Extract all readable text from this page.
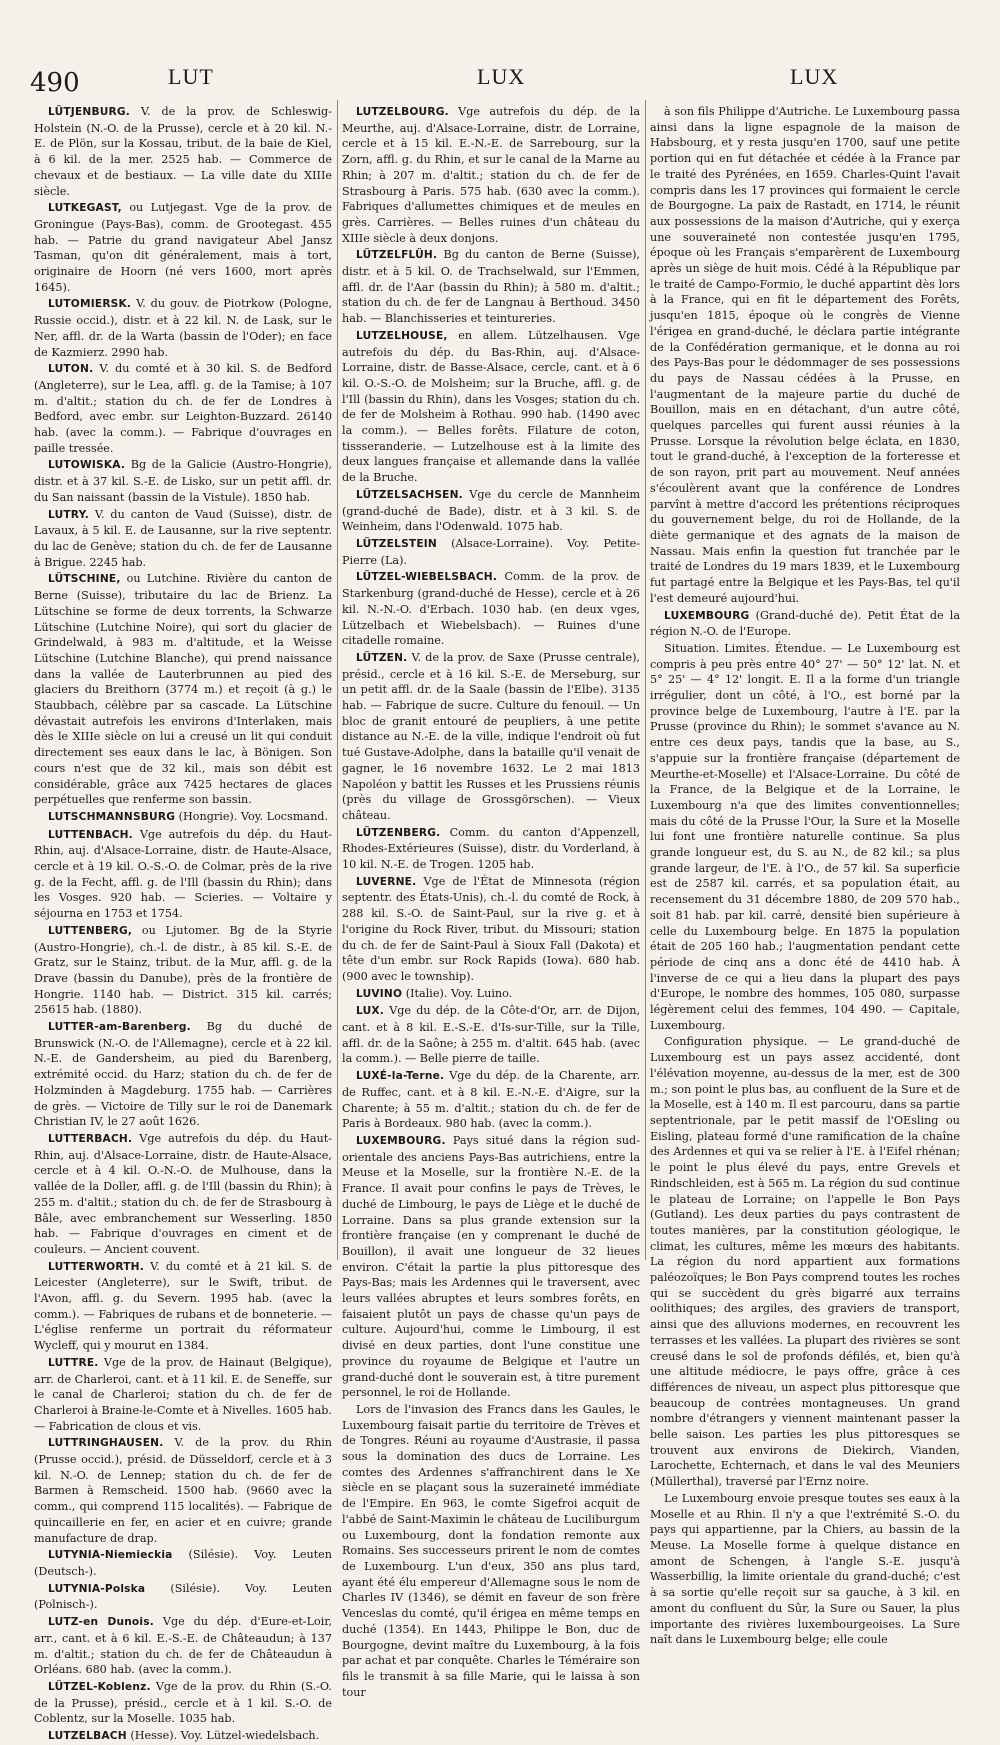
490	LUT	LUX	LUX

LÜTJENBURG. V. de la prov. de Schleswig-Holstein (N.-O. de la Prusse), cercle et à 20 kil. N.-E. de Plön, sur la Kossau, tribut. de la baie de Kiel, à 6 kil. de la mer. 2525 hab. — Commerce de chevaux et de bestiaux. — La ville date du XIIIe siècle.

LUTKEGAST, ou Lutjegast. Vge de la prov. de Groningue (Pays-Bas), comm. de Grootegast. 455 hab. — Patrie du grand navigateur Abel Jansz Tasman, qu'on dit généralement, mais à tort, originaire de Hoorn (né vers 1600, mort après 1645).

LUTOMIERSK. V. du gouv. de Piotrkow (Pologne, Russie occid.), distr. et à 22 kil. N. de Lask, sur le Ner, affl. dr. de la Warta (bassin de l'Oder); en face de Kazmierz. 2990 hab.

LUTON. V. du comté et à 30 kil. S. de Bedford (Angleterre), sur le Lea, affl. g. de la Tamise; à 107 m. d'altit.; station du ch. de fer de Londres à Bedford, avec embr. sur Leighton-Buzzard. 26140 hab. (avec la comm.). — Fabrique d'ouvrages en paille tressée.

LUTOWISKA. Bg de la Galicie (Austro-Hongrie), distr. et à 37 kil. S.-E. de Lisko, sur un petit affl. dr. du San naissant (bassin de la Vistule). 1850 hab.

LUTRY. V. du canton de Vaud (Suisse), distr. de Lavaux, à 5 kil. E. de Lausanne, sur la rive septentr. du lac de Genève; station du ch. de fer de Lausanne à Brigue. 2245 hab.

LÜTSCHINE, ou Lutchine. Rivière du canton de Berne (Suisse), tributaire du lac de Brienz. La Lütschine se forme de deux torrents, la Schwarze Lütschine (Lutchine Noire), qui sort du glacier de Grindelwald, à 983 m. d'altitude, et la Weisse Lütschine (Lutchine Blanche), qui prend naissance dans la vallée de Lauterbrunnen au pied des glaciers du Breithorn (3774 m.) et reçoit (à g.) le Staubbach, célèbre par sa cascade. La Lütschine dévastait autrefois les environs d'Interlaken, mais dès le XIIIe siècle on lui a creusé un lit qui conduit directement ses eaux dans le lac, à Bönigen. Son cours n'est que de 32 kil., mais son débit est considérable, grâce aux 7425 hectares de glaces perpétuelles que renferme son bassin.

LUTSCHMANNSBURG (Hongrie). Voy. Locsmand.

LUTTENBACH. Vge autrefois du dép. du Haut-Rhin, auj. d'Alsace-Lorraine, distr. de Haute-Alsace, cercle et à 19 kil. O.-S.-O. de Colmar, près de la rive g. de la Fecht, affl. g. de l'Ill (bassin du Rhin); dans les Vosges. 920 hab. — Scieries. — Voltaire y séjourna en 1753 et 1754.

LUTTENBERG, ou Ljutomer. Bg de la Styrie (Austro-Hongrie), ch.-l. de distr., à 85 kil. S.-E. de Gratz, sur le Stainz, tribut. de la Mur, affl. g. de la Drave (bassin du Danube), près de la frontière de Hongrie. 1140 hab. — District. 315 kil. carrés; 25615 hab. (1880).

LUTTER-am-Barenberg. Bg du duché de Brunswick (N.-O. de l'Allemagne), cercle et à 22 kil. N.-E. de Gandersheim, au pied du Barenberg, extrémité occid. du Harz; station du ch. de fer de Holzminden à Magdeburg. 1755 hab. — Carrières de grès. — Victoire de Tilly sur le roi de Danemark Christian IV, le 27 août 1626.

LUTTERBACH. Vge autrefois du dép. du Haut-Rhin, auj. d'Alsace-Lorraine, distr. de Haute-Alsace, cercle et à 4 kil. O.-N.-O. de Mulhouse, dans la vallée de la Doller, affl. g. de l'Ill (bassin du Rhin); à 255 m. d'altit.; station du ch. de fer de Strasbourg à Bâle, avec embranchement sur Wesserling. 1850 hab. — Fabrique d'ouvrages en ciment et de couleurs. — Ancient couvent.

LUTTERWORTH. V. du comté et à 21 kil. S. de Leicester (Angleterre), sur le Swift, tribut. de l'Avon, affl. g. du Severn. 1995 hab. (avec la comm.). — Fabriques de rubans et de bonneterie. — L'église renferme un portrait du réformateur Wycleff, qui y mourut en 1384.

LUTTRE. Vge de la prov. de Hainaut (Belgique), arr. de Charleroi, cant. et à 11 kil. E. de Seneffe, sur le canal de Charleroi; station du ch. de fer de Charleroi à Braine-le-Comte et à Nivelles. 1605 hab. — Fabrication de clous et vis.

LUTTRINGHAUSEN. V. de la prov. du Rhin (Prusse occid.), présid. de Düsseldorf, cercle et à 3 kil. N.-O. de Lennep; station du ch. de fer de Barmen à Remscheid. 1500 hab. (9660 avec la comm., qui comprend 115 localités). — Fabrique de quincaillerie en fer, en acier et en cuivre; grande manufacture de drap.

LUTYNIA-Niemieckia (Silésie). Voy. Leuten (Deutsch-).

LUTYNIA-Polska (Silésie). Voy. Leuten (Polnisch-).

LUTZ-en Dunois. Vge du dép. d'Eure-et-Loir, arr., cant. et à 6 kil. E.-S.-E. de Châteaudun; à 137 m. d'altit.; station du ch. de fer de Châteaudun à Orléans. 680 hab. (avec la comm.).

LÜTZEL-Koblenz. Vge de la prov. du Rhin (S.-O. de la Prusse), présid., cercle et à 1 kil. S.-O. de Coblentz, sur la Moselle. 1035 hab.

LUTZELBACH (Hesse). Voy. Lützel-wiedelsbach.

LUTZELBOURG. Vge autrefois du dép. de la Meurthe, auj. d'Alsace-Lorraine, distr. de Lorraine, cercle et à 15 kil. E.-N.-E. de Sarrebourg, sur la Zorn, affl. g. du Rhin, et sur le canal de la Marne au Rhin; à 207 m. d'altit.; station du ch. de fer de Strasbourg à Paris. 575 hab. (630 avec la comm.). Fabriques d'allumettes chimiques et de meules en grès. Carrières. — Belles ruines d'un château du XIIIe siècle à deux donjons.

LÜTZELFLÜH. Bg du canton de Berne (Suisse), distr. et à 5 kil. O. de Trachselwald, sur l'Emmen, affl. dr. de l'Aar (bassin du Rhin); à 580 m. d'altit.; station du ch. de fer de Langnau à Berthoud. 3450 hab. — Blanchisseries et teintureries.

LUTZELHOUSE, en allem. Lützelhausen. Vge autrefois du dép. du Bas-Rhin, auj. d'Alsace-Lorraine, distr. de Basse-Alsace, cercle, cant. et à 6 kil. O.-S.-O. de Molsheim; sur la Bruche, affl. g. de l'Ill (bassin du Rhin), dans les Vosges; station du ch. de fer de Molsheim à Rothau. 990 hab. (1490 avec la comm.). — Belles forêts. Filature de coton, tissseranderie. — Lutzelhouse est à la limite des deux langues française et allemande dans la vallée de la Bruche.

LÜTZELSACHSEN. Vge du cercle de Mannheim (grand-duché de Bade), distr. et à 3 kil. S. de Weinheim, dans l'Odenwald. 1075 hab.

LÜTZELSTEIN (Alsace-Lorraine). Voy. Petite-Pierre (La).

LÜTZEL-WIEBELSBACH. Comm. de la prov. de Starkenburg (grand-duché de Hesse), cercle et à 26 kil. N.-N.-O. d'Erbach. 1030 hab. (en deux vges, Lützelbach et Wiebelsbach). — Ruines d'une citadelle romaine.

LÜTZEN. V. de la prov. de Saxe (Prusse centrale), présid., cercle et à 16 kil. S.-E. de Merseburg, sur un petit affl. dr. de la Saale (bassin de l'Elbe). 3135 hab. — Fabrique de sucre. Culture du fenouil. — Un bloc de granit entouré de peupliers, à une petite distance au N.-E. de la ville, indique l'endroit où fut tué Gustave-Adolphe, dans la bataille qu'il venait de gagner, le 16 novembre 1632. Le 2 mai 1813 Napoléon y battit les Russes et les Prussiens réunis (près du village de Grossgörschen). — Vieux château.

LÜTZENBERG. Comm. du canton d'Appenzell, Rhodes-Extérieures (Suisse), distr. du Vorderland, à 10 kil. N.-E. de Trogen. 1205 hab.

LUVERNE. Vge de l'État de Minnesota (région septentr. des États-Unis), ch.-l. du comté de Rock, à 288 kil. S.-O. de Saint-Paul, sur la rive g. et à l'origine du Rock River, tribut. du Missouri; station du ch. de fer de Saint-Paul à Sioux Fall (Dakota) et tête d'un embr. sur Rock Rapids (Iowa). 680 hab. (900 avec le township).

LUVINO (Italie). Voy. Luino.

LUX. Vge du dép. de la Côte-d'Or, arr. de Dijon, cant. et à 8 kil. E.-S.-E. d'Is-sur-Tille, sur la Tille, affl. dr. de la Saône; à 255 m. d'altit. 645 hab. (avec la comm.). — Belle pierre de taille.

LUXÉ-la-Terne. Vge du dép. de la Charente, arr. de Ruffec, cant. et à 8 kil. E.-N.-E. d'Aigre, sur la Charente; à 55 m. d'altit.; station du ch. de fer de Paris à Bordeaux. 980 hab. (avec la comm.).

LUXEMBOURG. Pays situé dans la région sud-orientale des anciens Pays-Bas autrichiens, entre la Meuse et la Moselle, sur la frontière N.-E. de la France. Il avait pour confins le pays de Trèves, le duché de Limbourg, le pays de Liège et le duché de Lorraine. Dans sa plus grande extension sur la frontière française (en y comprenant le duché de Bouillon), il avait une longueur de 32 lieues environ. C'était la partie la plus pittoresque des Pays-Bas; mais les Ardennes qui le traversent, avec leurs vallées abruptes et leurs sombres forêts, en faisaient plutôt un pays de chasse qu'un pays de culture. Aujourd'hui, comme le Limbourg, il est divisé en deux parties, dont l'une constitue une province du royaume de Belgique et l'autre un grand-duché dont le souverain est, à titre purement personnel, le roi de Hollande.

Lors de l'invasion des Francs dans les Gaules, le Luxembourg faisait partie du territoire de Trèves et de Tongres. Réuni au royaume d'Austrasie, il passa sous la domination des ducs de Lorraine. Les comtes des Ardennes s'affranchirent dans le Xe siècle en se plaçant sous la suzeraineté immédiate de l'Empire. En 963, le comte Sigefroi acquit de l'abbé de Saint-Maximin le château de Luciliburgum ou Luxembourg, dont la fondation remonte aux Romains. Ses successeurs prirent le nom de comtes de Luxembourg. L'un d'eux, 350 ans plus tard, ayant été élu empereur d'Allemagne sous le nom de Charles IV (1346), se démit en faveur de son frère Venceslas du comté, qu'il érigea en même temps en duché (1354). En 1443, Philippe le Bon, duc de Bourgogne, devint maître du Luxembourg, à la fois par achat et par conquête. Charles le Téméraire son fils le transmit à sa fille Marie, qui le laissa à son tour

à son fils Philippe d'Autriche. Le Luxembourg passa ainsi dans la ligne espagnole de la maison de Habsbourg, et y resta jusqu'en 1700, sauf une petite portion qui en fut détachée et cédée à la France par le traité des Pyrénées, en 1659. Charles-Quint l'avait compris dans les 17 provinces qui formaient le cercle de Bourgogne. La paix de Rastadt, en 1714, le réunit aux possessions de la maison d'Autriche, qui y exerça une souveraineté non contestée jusqu'en 1795, époque où les Français s'emparèrent de Luxembourg après un siège de huit mois. Cédé à la République par le traité de Campo-Formio, le duché appartint dès lors à la France, qui en fit le département des Forêts, jusqu'en 1815, époque où le congrès de Vienne l'érigea en grand-duché, le déclara partie intégrante de la Confédération germanique, et le donna au roi des Pays-Bas pour le dédommager de ses possessions du pays de Nassau cédées à la Prusse, en l'augmentant de la majeure partie du duché de Bouillon, mais en en détachant, d'un autre côté, quelques parcelles qui furent aussi réunies à la Prusse. Lorsque la révolution belge éclata, en 1830, tout le grand-duché, à l'exception de la forteresse et de son rayon, prit part au mouvement. Neuf années s'écoulèrent avant que la conférence de Londres parvînt à mettre d'accord les prétentions réciproques du gouvernement belge, du roi de Hollande, de la diète germanique et des agnats de la maison de Nassau. Mais enfin la question fut tranchée par le traité de Londres du 19 mars 1839, et le Luxembourg fut partagé entre la Belgique et les Pays-Bas, tel qu'il l'est demeuré aujourd'hui.

LUXEMBOURG (Grand-duché de). Petit État de la région N.-O. de l'Europe.

Situation. Limites. Étendue. — Le Luxembourg est compris à peu près entre 40° 27' — 50° 12' lat. N. et 5° 25' — 4° 12' longit. E. Il a la forme d'un triangle irrégulier, dont un côté, à l'O., est borné par la province belge de Luxembourg, l'autre à l'E. par la Prusse (province du Rhin); le sommet s'avance au N. entre ces deux pays, tandis que la base, au S., s'appuie sur la frontière française (département de Meurthe-et-Moselle) et l'Alsace-Lorraine. Du côté de la France, de la Belgique et de la Lorraine, le Luxembourg n'a que des limites conventionnelles; mais du côté de la Prusse l'Our, la Sure et la Moselle lui font une frontière naturelle continue. Sa plus grande longueur est, du S. au N., de 82 kil.; sa plus grande largeur, de l'E. à l'O., de 57 kil. Sa superficie est de 2587 kil. carrés, et sa population était, au recensement du 31 décembre 1880, de 209 570 hab., soit 81 hab. par kil. carré, densité bien supérieure à celle du Luxembourg belge. En 1875 la population était de 205 160 hab.; l'augmentation pendant cette période de cinq ans a donc été de 4410 hab. À l'inverse de ce qui a lieu dans la plupart des pays d'Europe, le nombre des hommes, 105 080, surpasse légèrement celui des femmes, 104 490. — Capitale, Luxembourg.

Configuration physique. — Le grand-duché de Luxembourg est un pays assez accidenté, dont l'élévation moyenne, au-dessus de la mer, est de 300 m.; son point le plus bas, au confluent de la Sure et de la Moselle, est à 140 m. Il est parcouru, dans sa partie septentrionale, par le petit massif de l'OEsling ou Eisling, plateau formé d'une ramification de la chaîne des Ardennes et qui va se relier à l'E. à l'Eifel rhénan; le point le plus élevé du pays, entre Grevels et Rindschleiden, est à 565 m. La région du sud continue le plateau de Lorraine; on l'appelle le Bon Pays (Gutland). Les deux parties du pays contrastent de toutes manières, par la constitution géologique, le climat, les cultures, même les mœurs des habitants. La région du nord appartient aux formations paléozoïques; le Bon Pays comprend toutes les roches qui se succèdent du grès bigarré aux terrains oolithiques; des argiles, des graviers de transport, ainsi que des alluvions modernes, en recouvrent les terrasses et les vallées. La plupart des rivières se sont creusé dans le sol de profonds défilés, et, bien qu'à une altitude médiocre, le pays offre, grâce à ces différences de niveau, un aspect plus pittoresque que beaucoup de contrées montagneuses. Un grand nombre d'étrangers y viennent maintenant passer la belle saison. Les parties les plus pittoresques se trouvent aux environs de Diekirch, Vianden, Larochette, Echternach, et dans le val des Meuniers (Müllerthal), traversé par l'Ernz noire.

Le Luxembourg envoie presque toutes ses eaux à la Moselle et au Rhin. Il n'y a que l'extrémité S.-O. du pays qui appartienne, par la Chiers, au bassin de la Meuse. La Moselle forme à quelque distance en amont de Schengen, à l'angle S.-E. jusqu'à Wasserbillig, la limite orientale du grand-duché; c'est à sa sortie qu'elle reçoit sur sa gauche, à 3 kil. en amont du confluent du Sûr, la Sure ou Sauer, la plus importante des rivières luxembourgeoises. La Sure naît dans le Luxembourg belge; elle coule
